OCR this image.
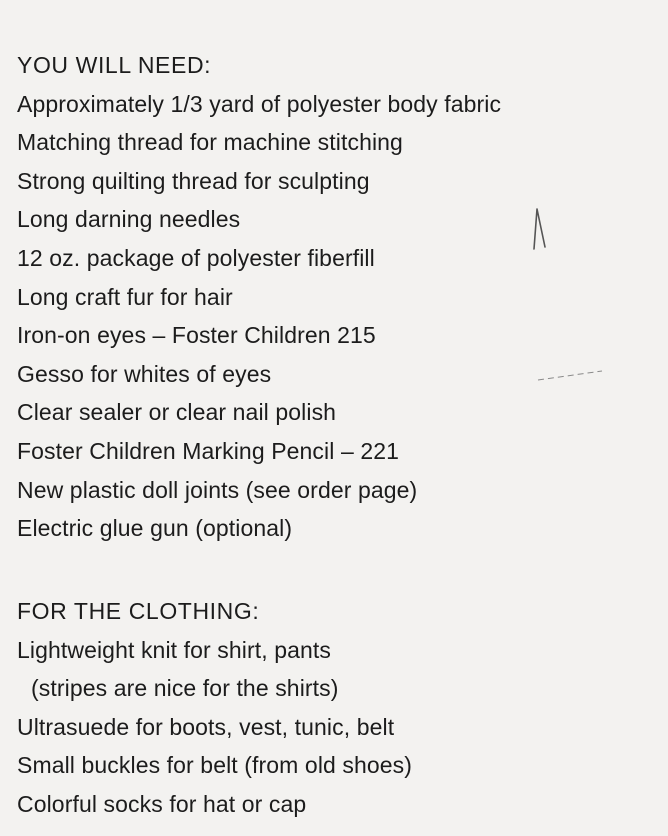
YOU WILL NEED:
Approximately 1/3 yard of polyester body fabric
Matching thread for machine stitching
Strong quilting thread for sculpting
Long darning needles
12 oz. package of polyester fiberfill
Long craft fur for hair
Iron-on eyes – Foster Children 215
Gesso for whites of eyes
Clear sealer or clear nail polish
Foster Children Marking Pencil – 221
New plastic doll joints (see order page)
Electric glue gun (optional)
FOR THE CLOTHING:
Lightweight knit for shirt, pants
(stripes are nice for the shirts)
Ultrasuede for boots, vest, tunic, belt
Small buckles for belt (from old shoes)
Colorful socks for hat or cap
